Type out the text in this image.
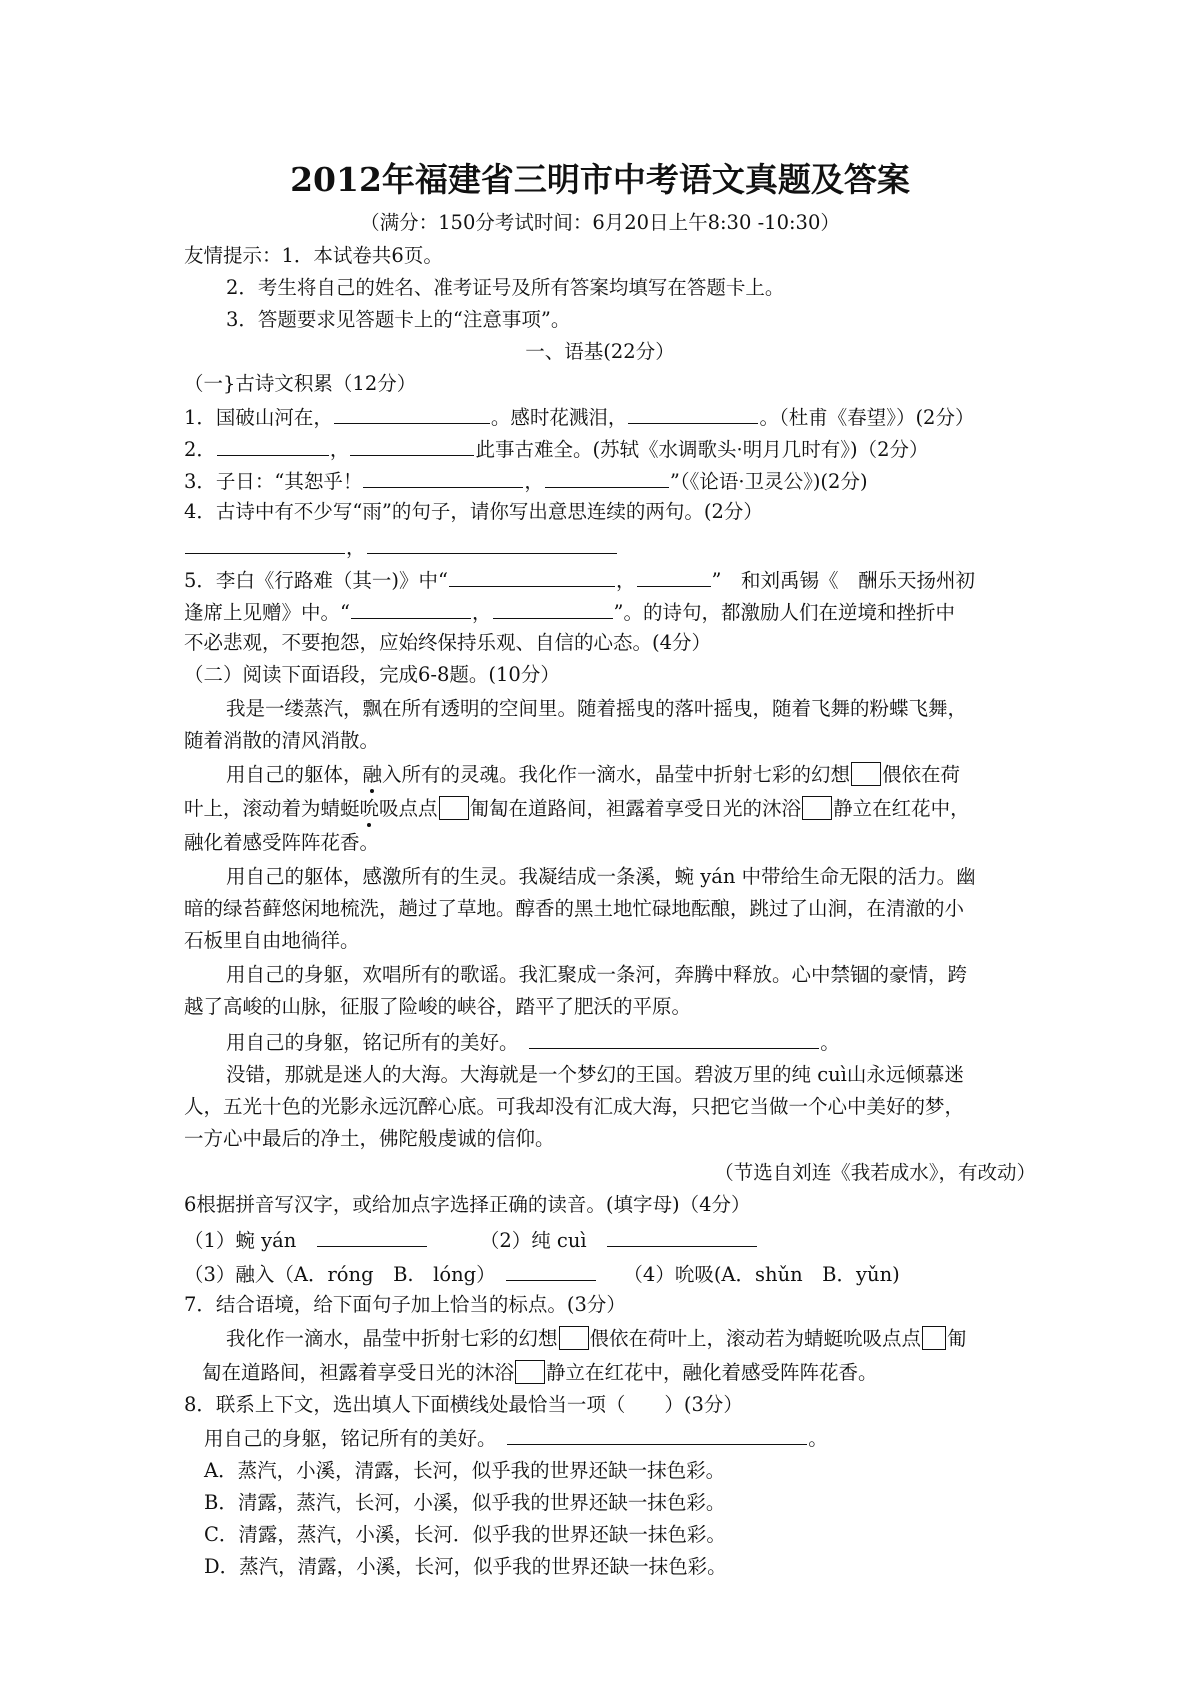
2012年福建省三明市中考语文真题及答案
（满分：150分考试时间：6月20日上午8:30 -10:30）
友情提示：1．本试卷共6页。
2．考生将自己的姓名、准考证号及所有答案均填写在答题卡上。
3．答题要求见答题卡上的“注意事项”。
一、语基(22分）
（一}古诗文积累（12分）
1．国破山河在，	。感时花溅泪，	。（杜甫《春望》）(2分）
2．	，	此事古难全。(苏轼《水调歌头·明月几时有》)（2分）
3．子日：“其恕乎！	，	”（《论语·卫灵公》)(2分)
4．古诗中有不少写“雨”的句子，请你写出意思连续的两句。(2分）
，
5．李白《行路难（其一)》中“	，	”　和刘禹锡《　酬乐天扬州初
逢席上见赠》中。“	，	”。的诗句，都激励人们在逆境和挫折中
不必悲观，不要抱怨，应始终保持乐观、自信的心态。(4分）
（二）阅读下面语段，完成6-8题。(10分）
我是一缕蒸汽，飘在所有透明的空间里。随着摇曳的落叶摇曳，随着飞舞的粉蝶飞舞，
随着消散的清风消散。
用自己的躯体，融入所有的灵魂。我化作一滴水，晶莹中折射七彩的幻想 偎依在荷
叶上，滚动着为蜻蜓吮吸点点 匍匐在道路间，袒露着享受日光的沐浴 静立在红花中，
融化着感受阵阵花香。
用自己的躯体，感激所有的生灵。我凝结成一条溪，蜿 yán 中带给生命无限的活力。幽
暗的绿苔藓悠闲地梳洗，趟过了草地。醇香的黑土地忙碌地酝酿，跳过了山涧，在清澈的小
石板里自由地徜徉。
用自己的身躯，欢唱所有的歌谣。我汇聚成一条河，奔腾中释放。心中禁锢的豪情，跨
越了高峻的山脉，征服了险峻的峡谷，踏平了肥沃的平原。
用自己的身躯，铭记所有的美好。　	。
没错，那就是迷人的大海。大海就是一个梦幻的王国。碧波万里的纯 cuì山永远倾慕迷
人，五光十色的光影永远沉醉心底。可我却没有汇成大海，只把它当做一个心中美好的梦，
一方心中最后的净土，佛陀般虔诚的信仰。
（节选自刘连《我若成水》，有改动）
6根据拼音写汉字，或给加点字选择正确的读音。(填字母)（4分）
（1）蜿 yán　	（2）纯 cuì　
（3）融入（A．róng　B.　lóng）　	（4）吮吸(A．shǔn　B．yǔn)
7．结合语境，给下面句子加上恰当的标点。(3分）
我化作一滴水，晶莹中折射七彩的幻想 偎依在荷叶上，滚动若为蜻蜓吮吸点点 匍
匐在道路间，袒露着享受日光的沐浴 静立在红花中，融化着感受阵阵花香。
8．联系上下文，选出填人下面横线处最恰当一项（　　）(3分）
用自己的身躯，铭记所有的美好。　	。
A．蒸汽，小溪，清露，长河，似乎我的世界还缺一抹色彩。
B．清露，蒸汽，长河，小溪，似乎我的世界还缺一抹色彩。
C．清露，蒸汽，小溪，长河．似乎我的世界还缺一抹色彩。
D．蒸汽，清露，小溪，长河，似乎我的世界还缺一抹色彩。
